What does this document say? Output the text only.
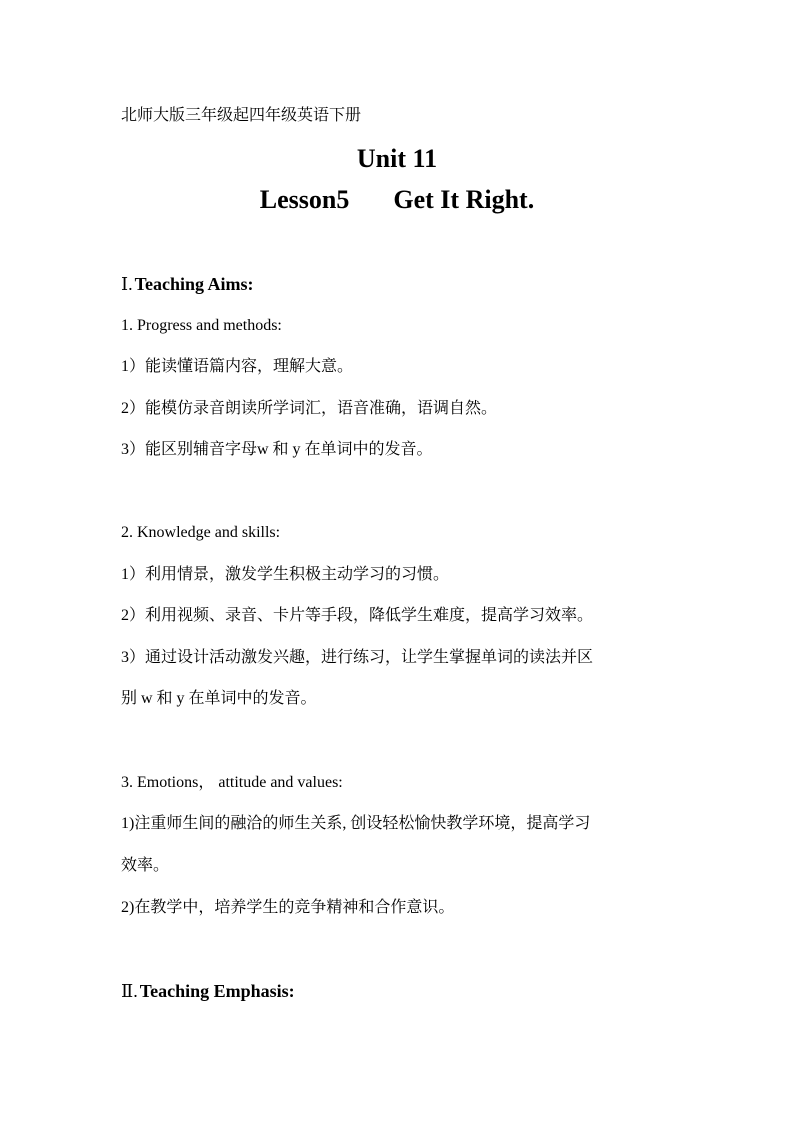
北师大版三年级起四年级英语下册
Unit 11
Lesson5 Get It Right.
Ⅰ. Teaching Aims:
1. Progress and methods:
1）能读懂语篇内容，理解大意。
2）能模仿录音朗读所学词汇，语音准确，语调自然。
3）能区别辅音字母w 和 y 在单词中的发音。
2. Knowledge and skills:
1）利用情景，激发学生积极主动学习的习惯。
2）利用视频、录音、卡片等手段，降低学生难度，提高学习效率。
3）通过设计活动激发兴趣，进行练习，让学生掌握单词的读法并区
别 w 和 y 在单词中的发音。
3. Emotions， attitude and values:
1)注重师生间的融洽的师生关系, 创设轻松愉快教学环境，提高学习
效率。
2)在教学中，培养学生的竞争精神和合作意识。
Ⅱ. Teaching Emphasis:
